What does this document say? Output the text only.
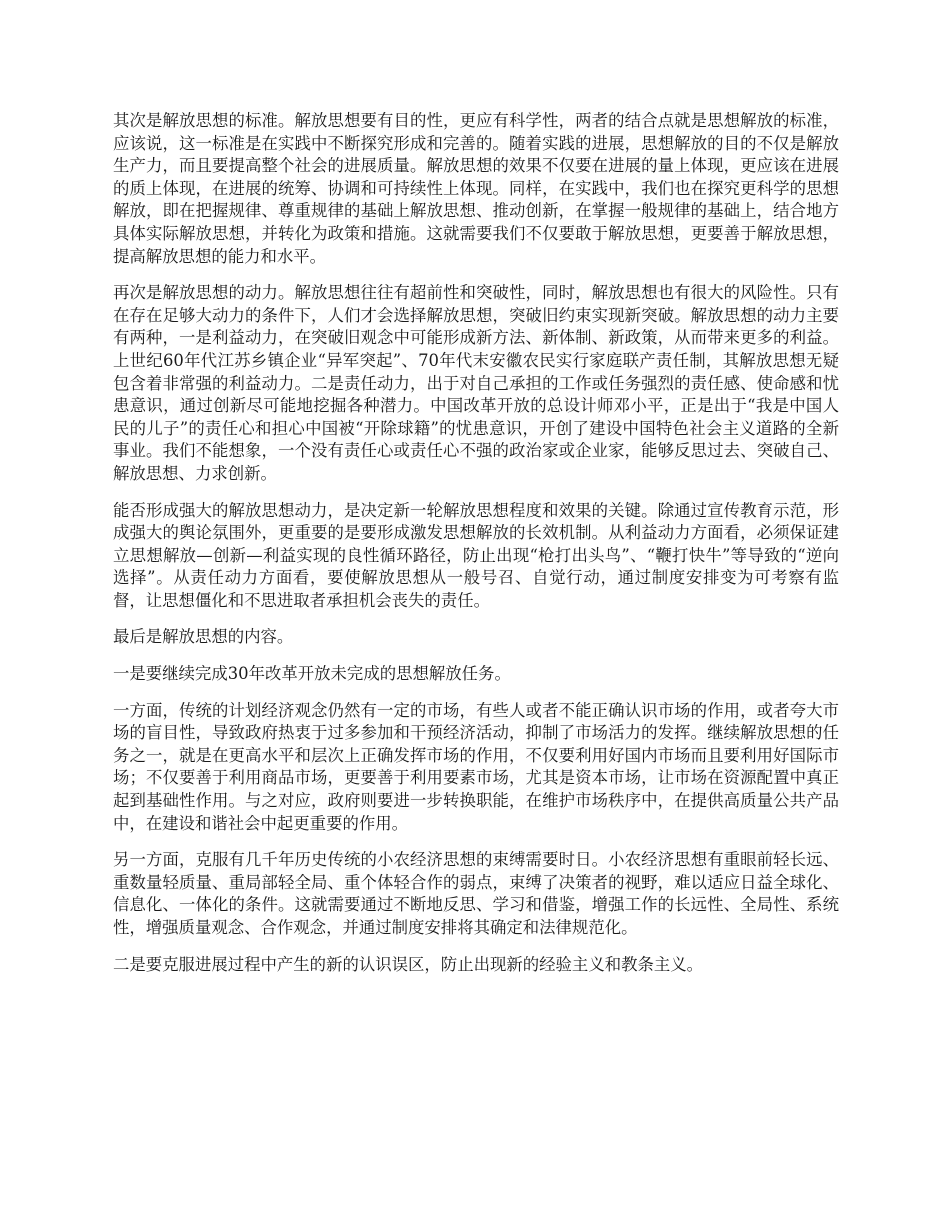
其次是解放思想的标准。解放思想要有目的性，更应有科学性，两者的结合点就是思想解放的标准，应该说，这一标准是在实践中不断探究形成和完善的。随着实践的进展，思想解放的目的不仅是解放生产力，而且要提高整个社会的进展质量。解放思想的效果不仅要在进展的量上体现，更应该在进展的质上体现，在进展的统筹、协调和可持续性上体现。同样，在实践中，我们也在探究更科学的思想解放，即在把握规律、尊重规律的基础上解放思想、推动创新，在掌握一般规律的基础上，结合地方具体实际解放思想，并转化为政策和措施。这就需要我们不仅要敢于解放思想，更要善于解放思想，提高解放思想的能力和水平。

再次是解放思想的动力。解放思想往往有超前性和突破性，同时，解放思想也有很大的风险性。只有在存在足够大动力的条件下，人们才会选择解放思想，突破旧约束实现新突破。解放思想的动力主要有两种，一是利益动力，在突破旧观念中可能形成新方法、新体制、新政策，从而带来更多的利益。上世纪60年代江苏乡镇企业“异军突起”、70年代末安徽农民实行家庭联产责任制，其解放思想无疑包含着非常强的利益动力。二是责任动力，出于对自己承担的工作或任务强烈的责任感、使命感和忧患意识，通过创新尽可能地挖掘各种潜力。中国改革开放的总设计师邓小平，正是出于“我是中国人民的儿子”的责任心和担心中国被“开除球籍”的忧患意识，开创了建设中国特色社会主义道路的全新事业。我们不能想象，一个没有责任心或责任心不强的政治家或企业家，能够反思过去、突破自己、解放思想、力求创新。

能否形成强大的解放思想动力，是决定新一轮解放思想程度和效果的关键。除通过宣传教育示范，形成强大的舆论氛围外，更重要的是要形成激发思想解放的长效机制。从利益动力方面看，必须保证建立思想解放—创新—利益实现的良性循环路径，防止出现“枪打出头鸟”、“鞭打快牛”等导致的“逆向选择”。从责任动力方面看，要使解放思想从一般号召、自觉行动，通过制度安排变为可考察有监督，让思想僵化和不思进取者承担机会丧失的责任。

最后是解放思想的内容。

一是要继续完成30年改革开放未完成的思想解放任务。

一方面，传统的计划经济观念仍然有一定的市场，有些人或者不能正确认识市场的作用，或者夸大市场的盲目性，导致政府热衷于过多参加和干预经济活动，抑制了市场活力的发挥。继续解放思想的任务之一，就是在更高水平和层次上正确发挥市场的作用，不仅要利用好国内市场而且要利用好国际市场；不仅要善于利用商品市场，更要善于利用要素市场，尤其是资本市场，让市场在资源配置中真正起到基础性作用。与之对应，政府则要进一步转换职能，在维护市场秩序中，在提供高质量公共产品中，在建设和谐社会中起更重要的作用。

另一方面，克服有几千年历史传统的小农经济思想的束缚需要时日。小农经济思想有重眼前轻长远、重数量轻质量、重局部轻全局、重个体轻合作的弱点，束缚了决策者的视野，难以适应日益全球化、信息化、一体化的条件。这就需要通过不断地反思、学习和借鉴，增强工作的长远性、全局性、系统性，增强质量观念、合作观念，并通过制度安排将其确定和法律规范化。

二是要克服进展过程中产生的新的认识误区，防止出现新的经验主义和教条主义。
